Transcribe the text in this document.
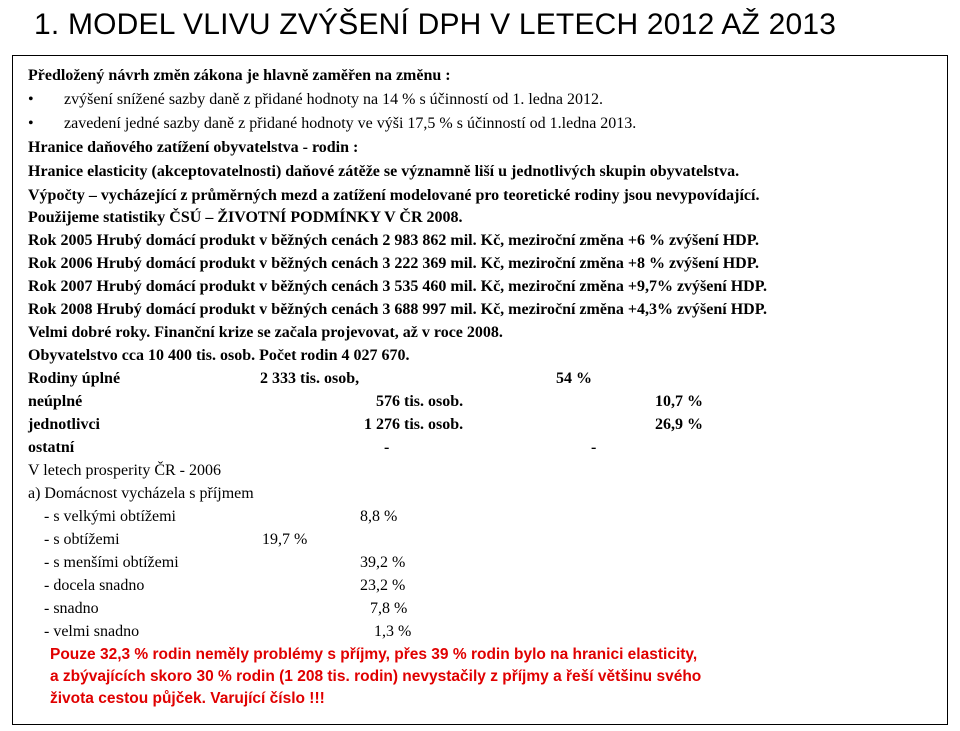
1. MODEL VLIVU ZVÝŠENÍ DPH V LETECH 2012 AŽ 2013
Předložený návrh změn zákona je hlavně zaměřen na změnu :
• zvýšení snížené sazby daně z přidané hodnoty na 14 % s účinností od 1. ledna 2012.
• zavedení jedné sazby daně z přidané hodnoty ve výši 17,5 % s účinností od 1.ledna 2013.
Hranice daňového zatížení obyvatelstva - rodin :
Hranice elasticity (akceptovatelnosti) daňové zátěže se významně liší u jednotlivých skupin obyvatelstva.
Výpočty – vycházející z průměrných mezd a zatížení modelované pro teoretické rodiny jsou nevypovídající.
Použijeme statistiky ČSÚ – ŽIVOTNÍ PODMÍNKY V ČR 2008.
Rok 2005 Hrubý domácí produkt v běžných cenách 2 983 862 mil. Kč, meziroční změna +6 % zvýšení HDP.
Rok 2006 Hrubý domácí produkt v běžných cenách 3 222 369 mil. Kč, meziroční změna +8 % zvýšení HDP.
Rok 2007 Hrubý domácí produkt v běžných cenách 3 535 460 mil. Kč, meziroční změna +9,7% zvýšení HDP.
Rok 2008 Hrubý domácí produkt v běžných cenách 3 688 997 mil. Kč, meziroční změna +4,3% zvýšení HDP.
Velmi dobré roky. Finanční krize se začala projevovat, až v roce 2008.
Obyvatelstvo cca 10 400 tis. osob. Počet rodin 4 027 670.
Rodiny úplné	2 333 tis. osob,	54 %
neúplné	576 tis. osob.	10,7 %
jednotlivci	1 276 tis. osob.	26,9 %
ostatní	-	-
V letech prosperity ČR - 2006
a) Domácnost vycházela s příjmem
- s velkými obtížemi	8,8 %
- s obtížemi	19,7 %
- s menšími obtížemi	39,2 %
- docela snadno	23,2 %
- snadno	7,8 %
- velmi snadno	1,3 %
Pouze 32,3 % rodin neměly problémy s příjmy, přes 39 % rodin bylo na hranici elasticity,
a zbývajících skoro 30 % rodin (1 208 tis. rodin) nevystačily z příjmy a řeší většinu svého
života cestou půjček. Varující číslo !!!
